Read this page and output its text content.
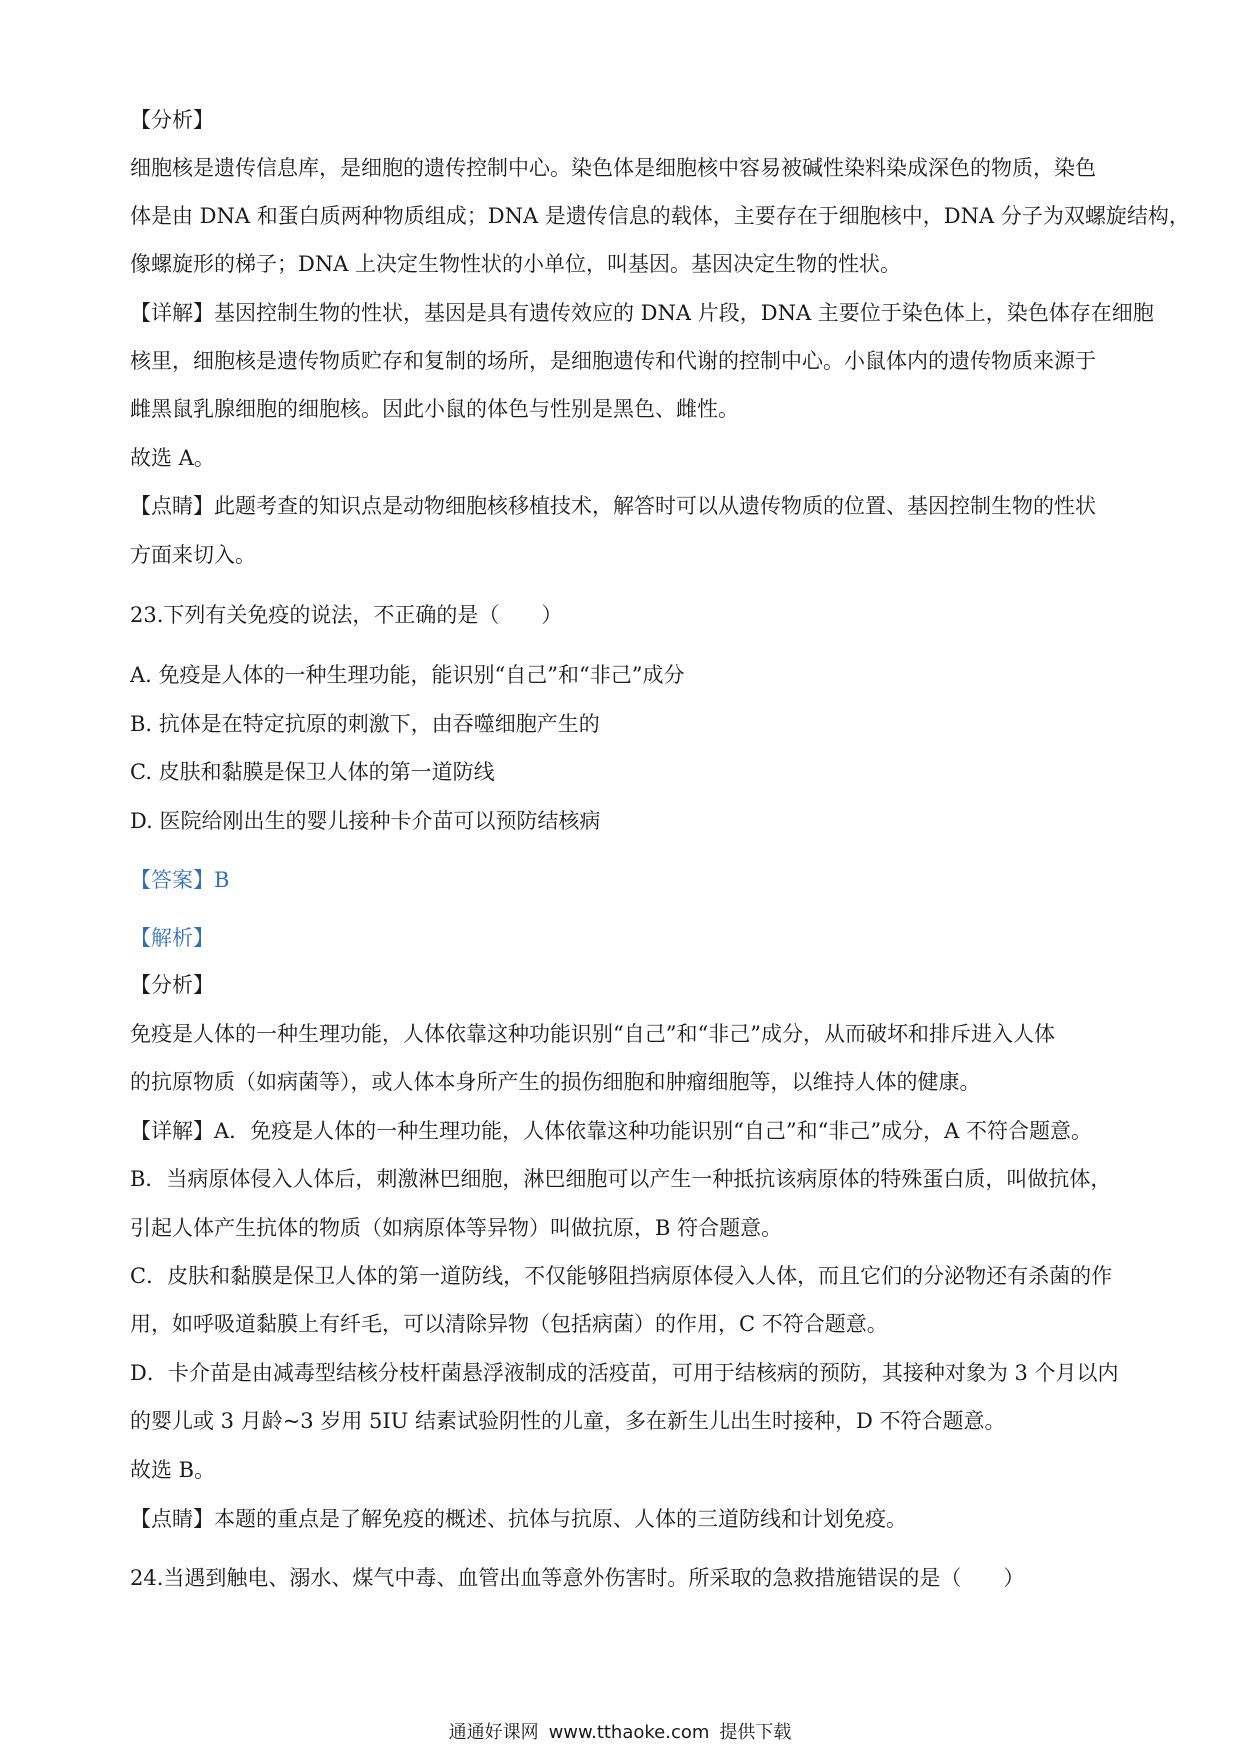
【分析】
细胞核是遗传信息库，是细胞的遗传控制中心。染色体是细胞核中容易被碱性染料染成深色的物质，染色
体是由 DNA 和蛋白质两种物质组成；DNA 是遗传信息的载体，主要存在于细胞核中，DNA 分子为双螺旋结构，
像螺旋形的梯子；DNA 上决定生物性状的小单位，叫基因。基因决定生物的性状。
【详解】基因控制生物的性状，基因是具有遗传效应的 DNA 片段，DNA 主要位于染色体上，染色体存在细胞
核里，细胞核是遗传物质贮存和复制的场所，是细胞遗传和代谢的控制中心。小鼠体内的遗传物质来源于
雌黑鼠乳腺细胞的细胞核。因此小鼠的体色与性别是黑色、雌性。
故选 A。
【点睛】此题考查的知识点是动物细胞核移植技术，解答时可以从遗传物质的位置、基因控制生物的性状
方面来切入。
23.下列有关免疫的说法，不正确的是（　　）
A. 免疫是人体的一种生理功能，能识别“自己”和“非己”成分
B. 抗体是在特定抗原的刺激下，由吞噬细胞产生的
C. 皮肤和黏膜是保卫人体的第一道防线
D. 医院给刚出生的婴儿接种卡介苗可以预防结核病
【答案】B
【解析】
【分析】
免疫是人体的一种生理功能，人体依靠这种功能识别“自己”和“非己”成分，从而破坏和排斥进入人体
的抗原物质（如病菌等），或人体本身所产生的损伤细胞和肿瘤细胞等，以维持人体的健康。
【详解】A．免疫是人体的一种生理功能，人体依靠这种功能识别“自己”和“非己”成分，A 不符合题意。
B．当病原体侵入人体后，刺激淋巴细胞，淋巴细胞可以产生一种抵抗该病原体的特殊蛋白质，叫做抗体，
引起人体产生抗体的物质（如病原体等异物）叫做抗原，B 符合题意。
C．皮肤和黏膜是保卫人体的第一道防线，不仅能够阻挡病原体侵入人体，而且它们的分泌物还有杀菌的作
用，如呼吸道黏膜上有纤毛，可以清除异物（包括病菌）的作用，C 不符合题意。
D．卡介苗是由减毒型结核分枝杆菌悬浮液制成的活疫苗，可用于结核病的预防，其接种对象为 3 个月以内
的婴儿或 3 月龄~3 岁用 5IU 结素试验阴性的儿童，多在新生儿出生时接种，D 不符合题意。
故选 B。
【点睛】本题的重点是了解免疫的概述、抗体与抗原、人体的三道防线和计划免疫。
24.当遇到触电、溺水、煤气中毒、血管出血等意外伤害时。所采取的急救措施错误的是（　　）
通通好课网 www.tthaoke.com 提供下载
